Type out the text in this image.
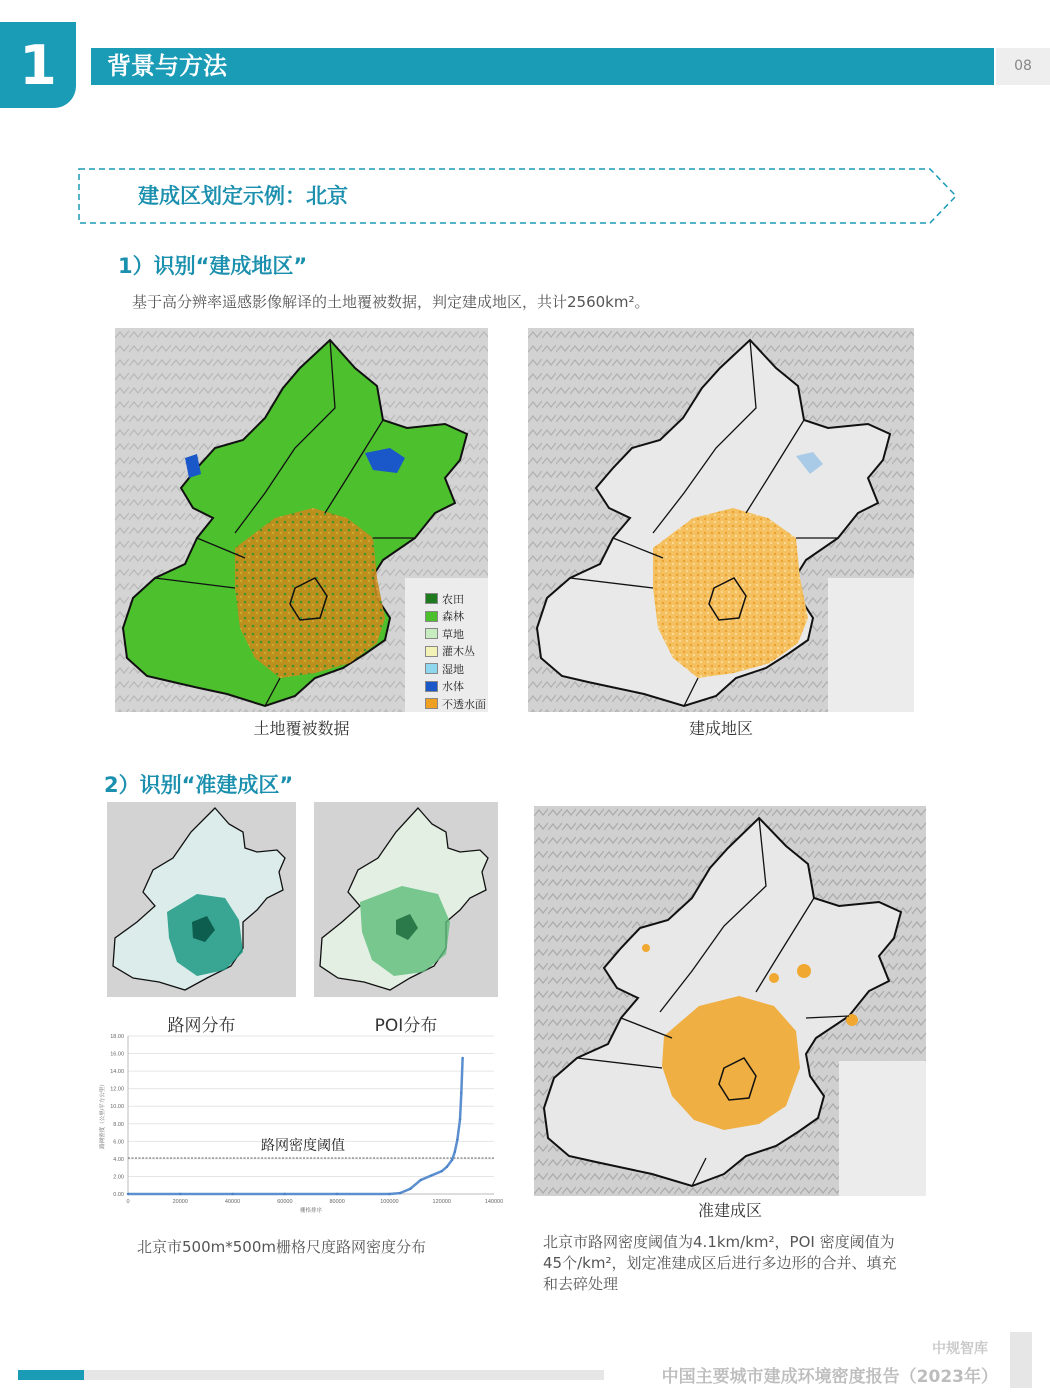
1	背景与方法	08
建成区划定示例：北京
1）识别“建成地区”
基于高分辨率遥感影像解译的土地覆被数据，判定建成地区，共计2560km²。
农田
森林
草地
灌木丛
湿地
水体
不透水面
土地覆被数据	建成地区
2）识别“准建成区”
路网分布	POI分布
0.00
2.00
4.00
6.00
8.00
10.00
12.00
14.00
16.00
18.00
0	20000	40000	60000	80000	100000	120000	140000
栅格排序
路网密度（公里/平方公里）	路网密度阈值
北京市500m*500m栅格尺度路网密度分布
准建成区
北京市路网密度阈值为4.1km/km²，POI 密度阈值为45个/km²，划定准建成区后进行多边形的合并、填充和去碎处理
中规智库
中国主要城市建成环境密度报告（2023年）
